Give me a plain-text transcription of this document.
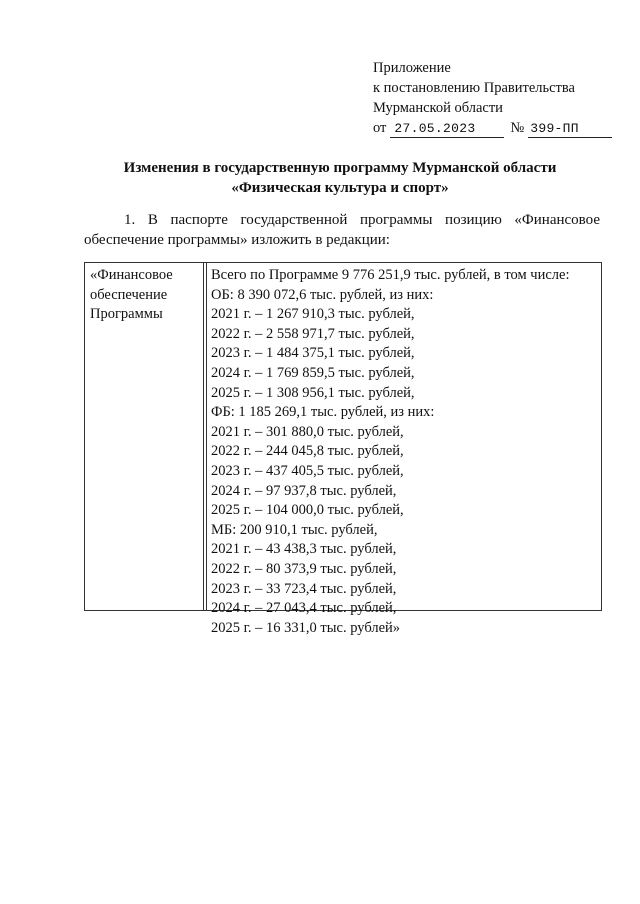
Приложение
к постановлению Правительства
Мурманской области
от 27.05.2023	№ 399-ПП
Изменения в государственную программу Мурманской области
«Физическая культура и спорт»
1. В паспорте государственной программы позицию «Финансовое
обеспечение программы» изложить в редакции:
«Финансовое
обеспечение
Программы
Всего по Программе 9 776 251,9 тыс. рублей, в том числе:
ОБ: 8 390 072,6 тыс. рублей, из них:
2021 г. – 1 267 910,3 тыс. рублей,
2022 г. – 2 558 971,7 тыс. рублей,
2023 г. – 1 484 375,1 тыс. рублей,
2024 г. – 1 769 859,5 тыс. рублей,
2025 г. – 1 308 956,1 тыс. рублей,
ФБ: 1 185 269,1 тыс. рублей, из них:
2021 г. – 301 880,0 тыс. рублей,
2022 г. – 244 045,8 тыс. рублей,
2023 г. – 437 405,5 тыс. рублей,
2024 г. – 97 937,8 тыс. рублей,
2025 г. – 104 000,0 тыс. рублей,
МБ: 200 910,1 тыс. рублей,
2021 г. – 43 438,3 тыс. рублей,
2022 г. – 80 373,9 тыс. рублей,
2023 г. – 33 723,4 тыс. рублей,
2024 г. – 27 043,4 тыс. рублей,
2025 г. – 16 331,0 тыс. рублей»
